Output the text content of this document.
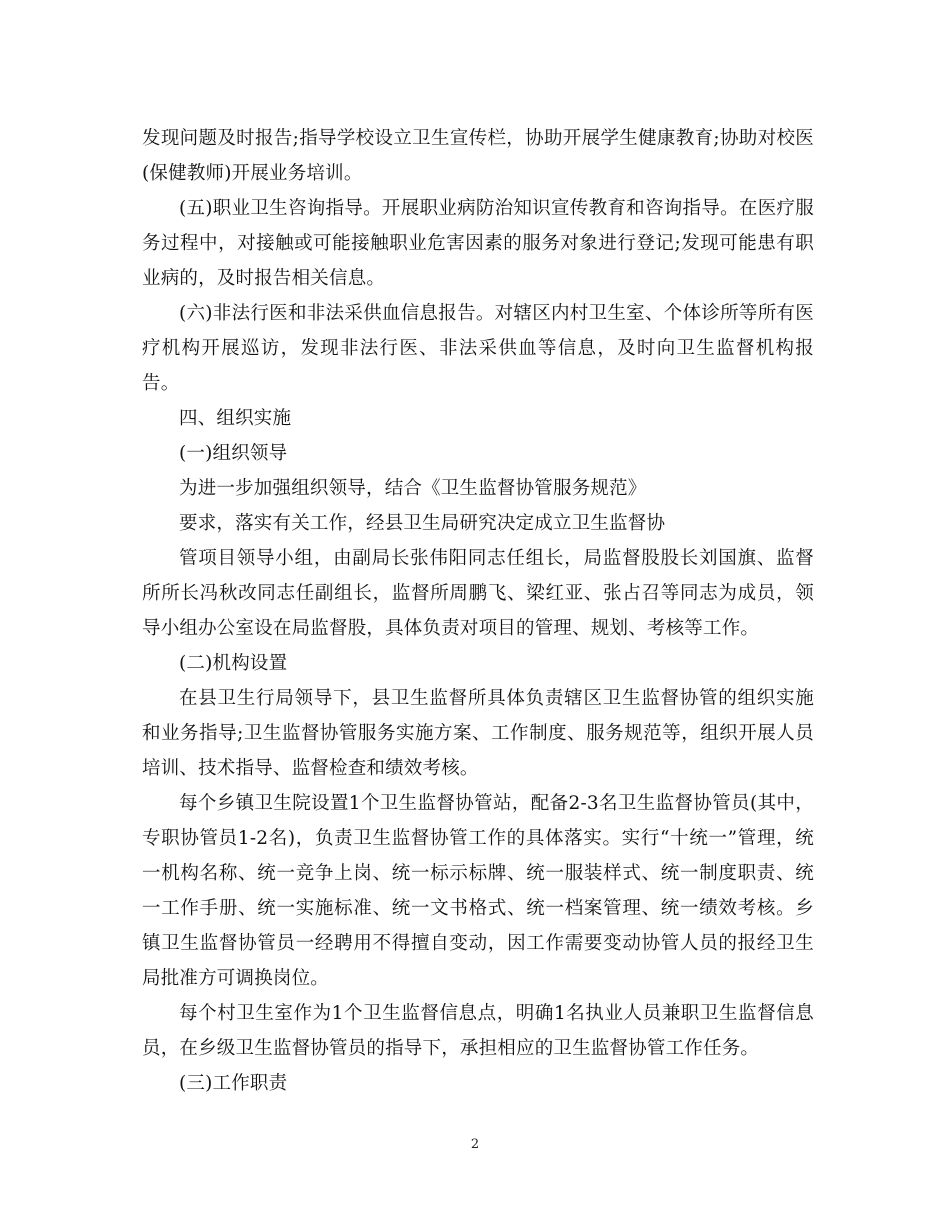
发现问题及时报告;指导学校设立卫生宣传栏，协助开展学生健康教育;协助对校医(保健教师)开展业务培训。

(五)职业卫生咨询指导。开展职业病防治知识宣传教育和咨询指导。在医疗服务过程中，对接触或可能接触职业危害因素的服务对象进行登记;发现可能患有职业病的，及时报告相关信息。

(六)非法行医和非法采供血信息报告。对辖区内村卫生室、个体诊所等所有医疗机构开展巡访，发现非法行医、非法采供血等信息，及时向卫生监督机构报告。

四、组织实施

(一)组织领导

为进一步加强组织领导，结合《卫生监督协管服务规范》

要求，落实有关工作，经县卫生局研究决定成立卫生监督协

管项目领导小组，由副局长张伟阳同志任组长，局监督股股长刘国旗、监督所所长冯秋改同志任副组长，监督所周鹏飞、梁红亚、张占召等同志为成员，领导小组办公室设在局监督股，具体负责对项目的管理、规划、考核等工作。

(二)机构设置

在县卫生行局领导下，县卫生监督所具体负责辖区卫生监督协管的组织实施和业务指导;卫生监督协管服务实施方案、工作制度、服务规范等，组织开展人员培训、技术指导、监督检查和绩效考核。

每个乡镇卫生院设置1个卫生监督协管站，配备2-3名卫生监督协管员(其中，专职协管员1-2名)，负责卫生监督协管工作的具体落实。实行“十统一”管理，统一机构名称、统一竞争上岗、统一标示标牌、统一服装样式、统一制度职责、统一工作手册、统一实施标准、统一文书格式、统一档案管理、统一绩效考核。乡镇卫生监督协管员一经聘用不得擅自变动，因工作需要变动协管人员的报经卫生局批准方可调换岗位。

每个村卫生室作为1个卫生监督信息点，明确1名执业人员兼职卫生监督信息员，在乡级卫生监督协管员的指导下，承担相应的卫生监督协管工作任务。

(三)工作职责

2
